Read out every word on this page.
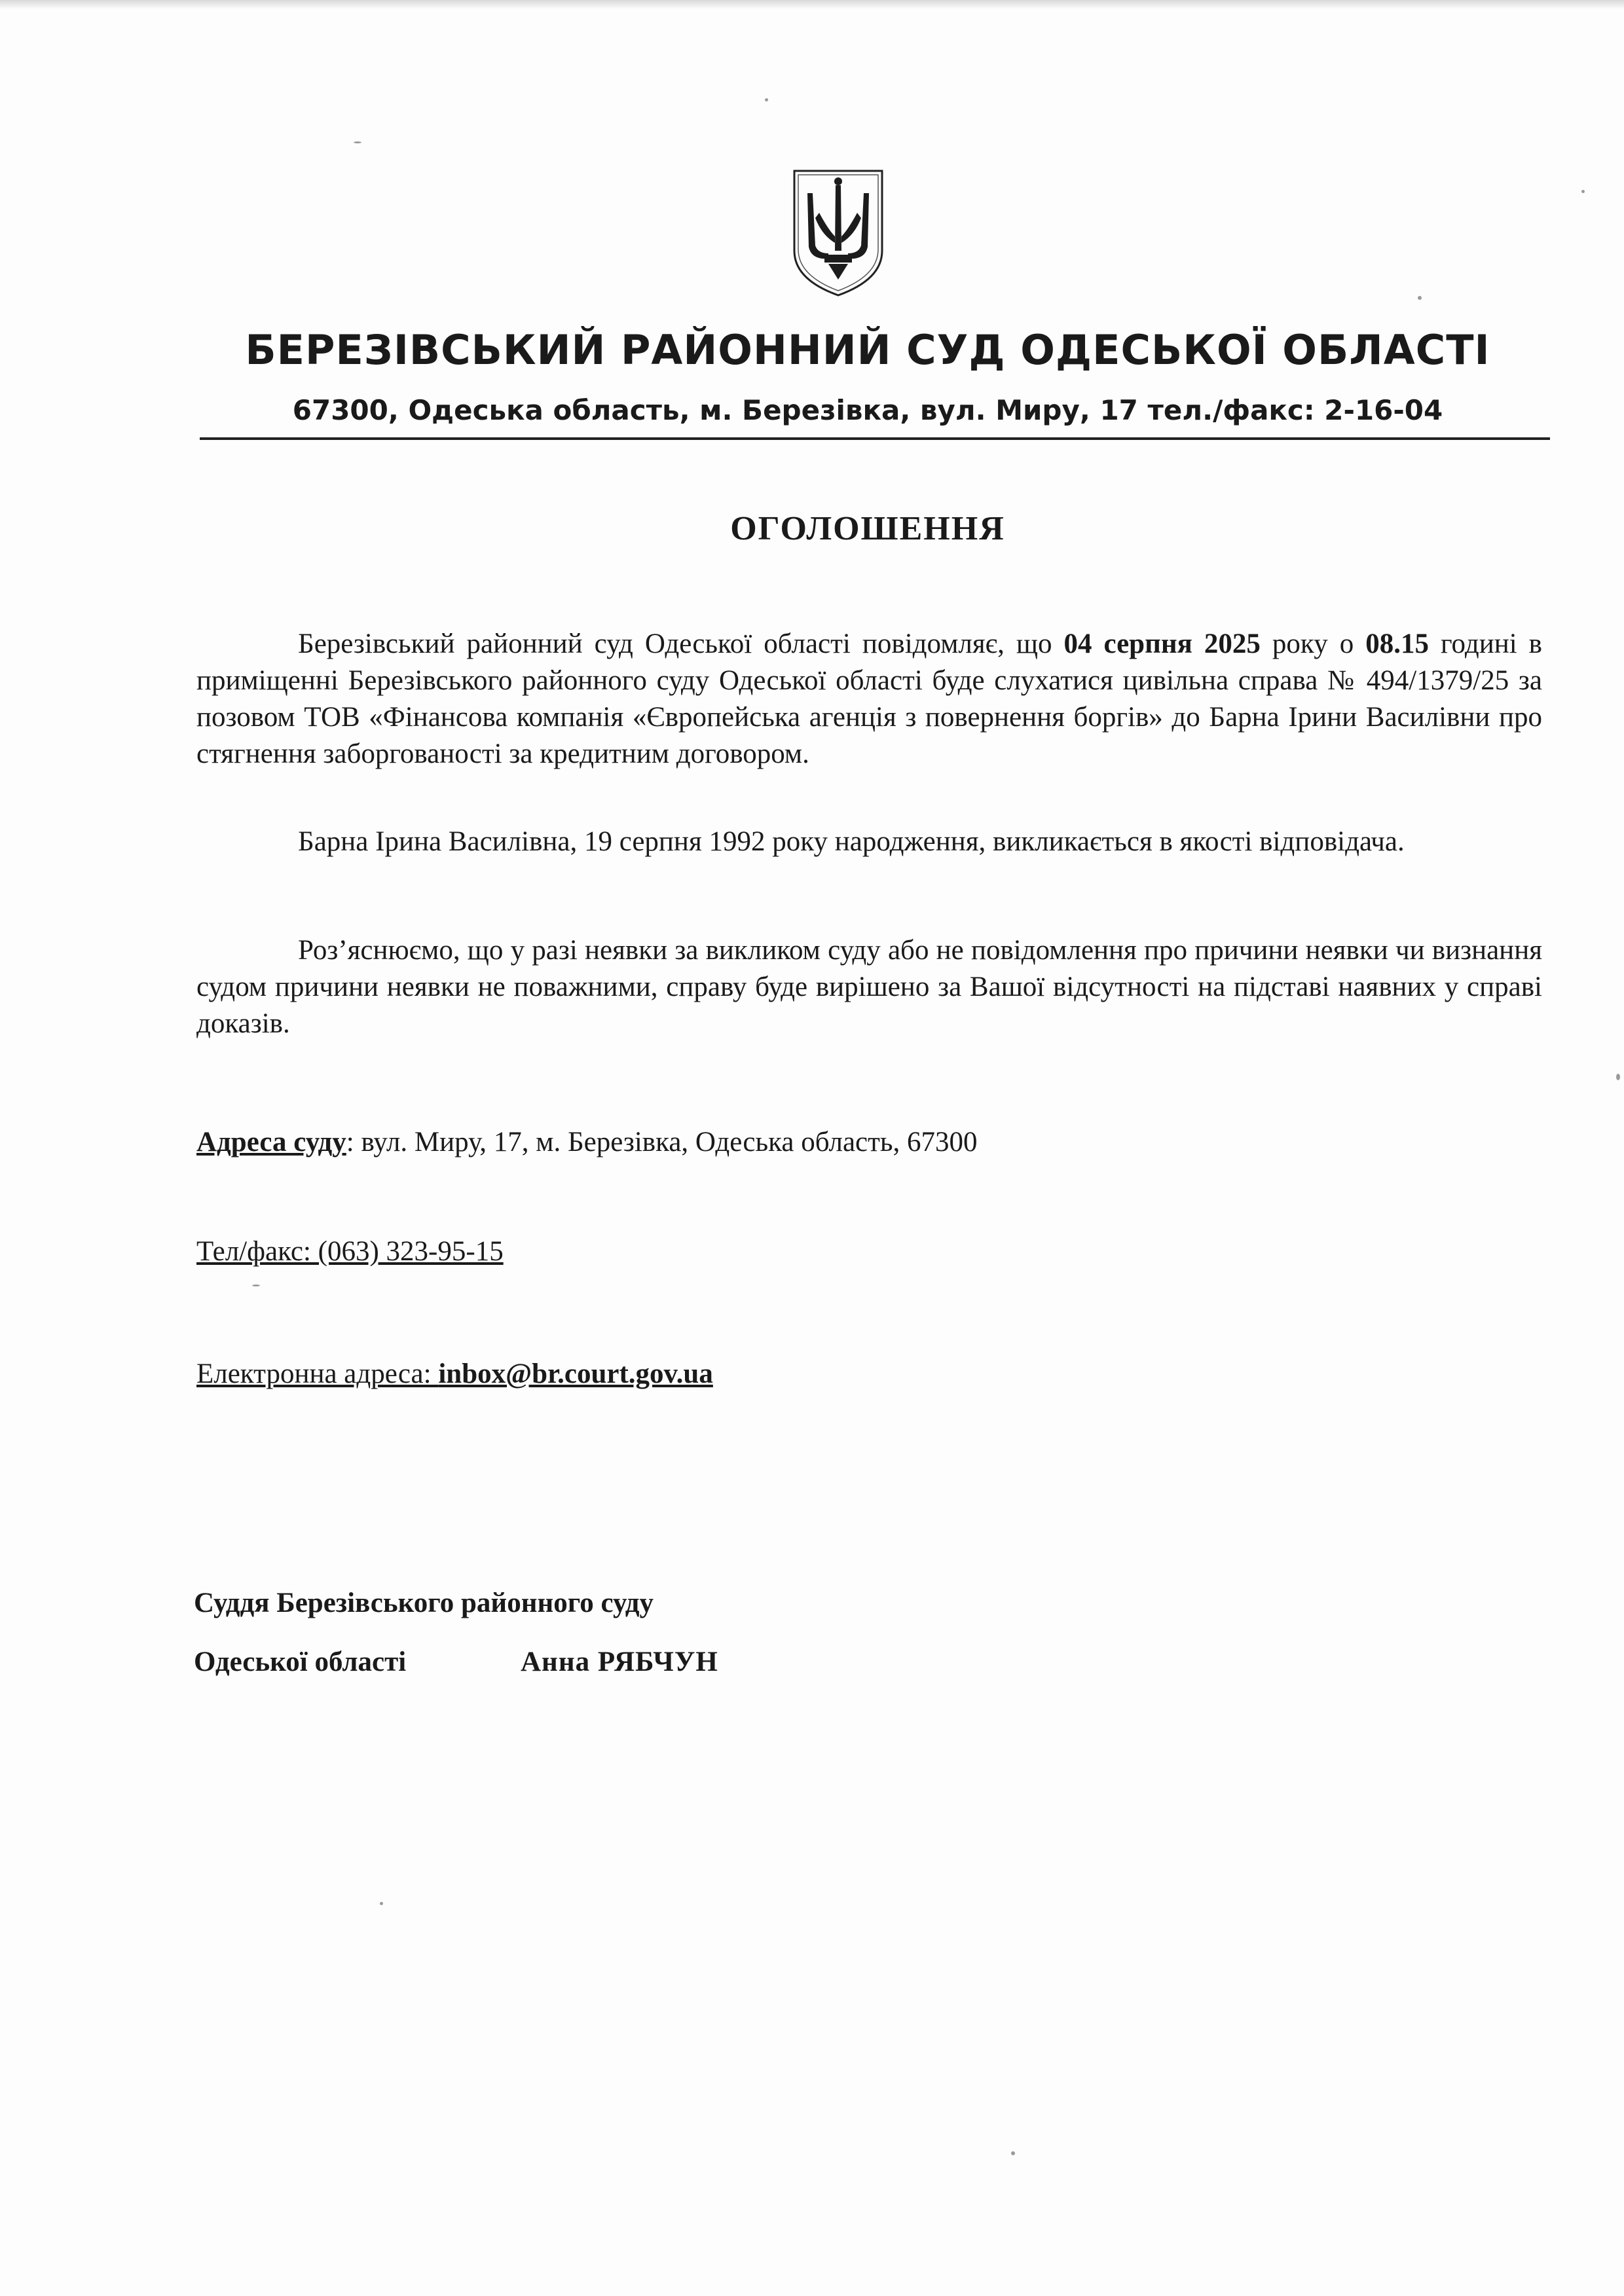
БЕРЕЗІВСЬКИЙ РАЙОННИЙ СУД ОДЕСЬКОЇ ОБЛАСТІ
67300, Одеська область, м. Березівка, вул. Миру, 17 тел./факс: 2-16-04
ОГОЛОШЕННЯ
Березівський районний суд Одеської області повідомляє, що 04 серпня 2025 року о 08.15 годині в приміщенні Березівського районного суду Одеської області буде слухатися цивільна справа № 494/1379/25 за позовом ТОВ «Фінансова компанія «Європейська агенція з повернення боргів» до Барна Ірини Василівни про стягнення заборгованості за кредитним договором.
Барна Ірина Василівна, 19 серпня 1992 року народження, викликається в якості відповідача.
Роз’яснюємо, що у разі неявки за викликом суду або не повідомлення про причини неявки чи визнання судом причини неявки не поважними, справу буде вирішено за Вашої відсутності на підставі наявних у справі доказів.
Адреса суду: вул. Миру, 17, м. Березівка, Одеська область, 67300
Тел/факс: (063) 323-95-15
Електронна адреса: inbox@br.court.gov.ua
Суддя Березівського районного суду
Одеської області	Анна РЯБЧУН
